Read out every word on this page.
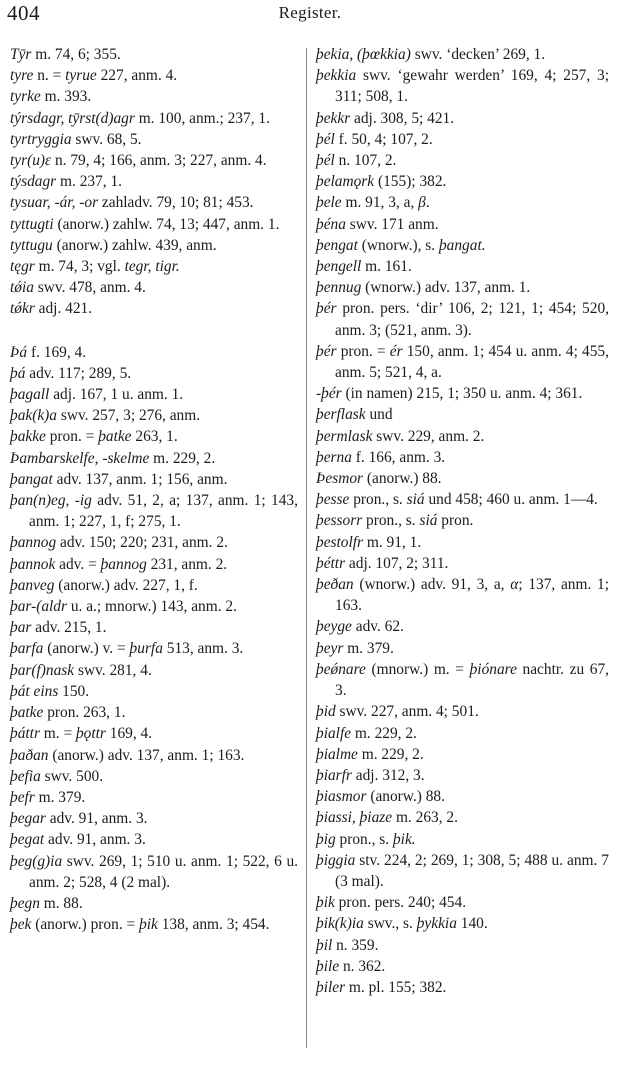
404	Register.
Tȳr m. 74, 6; 355.
tyre n. = tyrue 227, anm. 4.
tyrke m. 393.
týrsdagr, tȳrst(d)agr m. 100, anm.; 237, 1.
tyrtryggia swv. 68, 5.
tyr(u)ɛ n. 79, 4; 166, anm. 3; 227, anm. 4.
týsdagr m. 237, 1.
tysuar, -ár, -or zahladv. 79, 10; 81; 453.
tyttugti (anorw.) zahlw. 74, 13; 447, anm. 1.
tyttugu (anorw.) zahlw. 439, anm.
tęgr m. 74, 3; vgl. tegr, tigr.
tǿia swv. 478, anm. 4.
tǿkr adj. 421.
Þá f. 169, 4.
þá adv. 117; 289, 5.
þagall adj. 167, 1 u. anm. 1.
þak(k)a swv. 257, 3; 276, anm.
þakke pron. = þatke 263, 1.
Þambarskelfe, -skelme m. 229, 2.
þangat adv. 137, anm. 1; 156, anm.
þan(n)eg, -ig adv. 51, 2, a; 137, anm. 1; 143, anm. 1; 227, 1, f; 275, 1.
þannog adv. 150; 220; 231, anm. 2.
þannok adv. = þannog 231, anm. 2.
þanveg (anorw.) adv. 227, 1, f.
þar-(aldr u. a.; mnorw.) 143, anm. 2.
þar adv. 215, 1.
þarfa (anorw.) v. = þurfa 513, anm. 3.
þar(f)nask swv. 281, 4.
þát eins 150.
þatke pron. 263, 1.
þáttr m. = þǫttr 169, 4.
þaðan (anorw.) adv. 137, anm. 1; 163.
þefia swv. 500.
þefr m. 379.
þegar adv. 91, anm. 3.
þegat adv. 91, anm. 3.
þeg(g)ia swv. 269, 1; 510 u. anm. 1; 522, 6 u. anm. 2; 528, 4 (2 mal).
þegn m. 88.
þek (anorw.) pron. = þik 138, anm. 3; 454.
þekia, (þœkkia) swv. ‘decken’ 269, 1.
þekkia swv. ‘gewahr werden’ 169, 4; 257, 3; 311; 508, 1.
þekkr adj. 308, 5; 421.
þél f. 50, 4; 107, 2.
þél n. 107, 2.
þelamǫrk (155); 382.
þele m. 91, 3, a, β.
þéna swv. 171 anm.
þengat (wnorw.), s. þangat.
þengell m. 161.
þennug (wnorw.) adv. 137, anm. 1.
þér pron. pers. ‘dir’ 106, 2; 121, 1; 454; 520, anm. 3; (521, anm. 3).
þér pron. = ér 150, anm. 1; 454 u. anm. 4; 455, anm. 5; 521, 4, a.
-þér (in namen) 215, 1; 350 u. anm. 4; 361.
þerflask und
þermlask swv. 229, anm. 2.
þerna f. 166, anm. 3.
Þesmor (anorw.) 88.
þesse pron., s. siá und 458; 460 u. anm. 1—4.
þessorr pron., s. siá pron.
þestolfr m. 91, 1.
þéttr adj. 107, 2; 311.
þeðan (wnorw.) adv. 91, 3, a, α; 137, anm. 1; 163.
þeyge adv. 62.
þeyr m. 379.
þeǿnare (mnorw.) m. = þiónare nachtr. zu 67, 3.
þid swv. 227, anm. 4; 501.
þialfe m. 229, 2.
þialme m. 229, 2.
þiarfr adj. 312, 3.
þiasmor (anorw.) 88.
þiassi, þiaze m. 263, 2.
þig pron., s. þik.
þiggia stv. 224, 2; 269, 1; 308, 5; 488 u. anm. 7 (3 mal).
þik pron. pers. 240; 454.
þik(k)ia swv., s. þykkia 140.
þil n. 359.
þile n. 362.
þiler m. pl. 155; 382.
